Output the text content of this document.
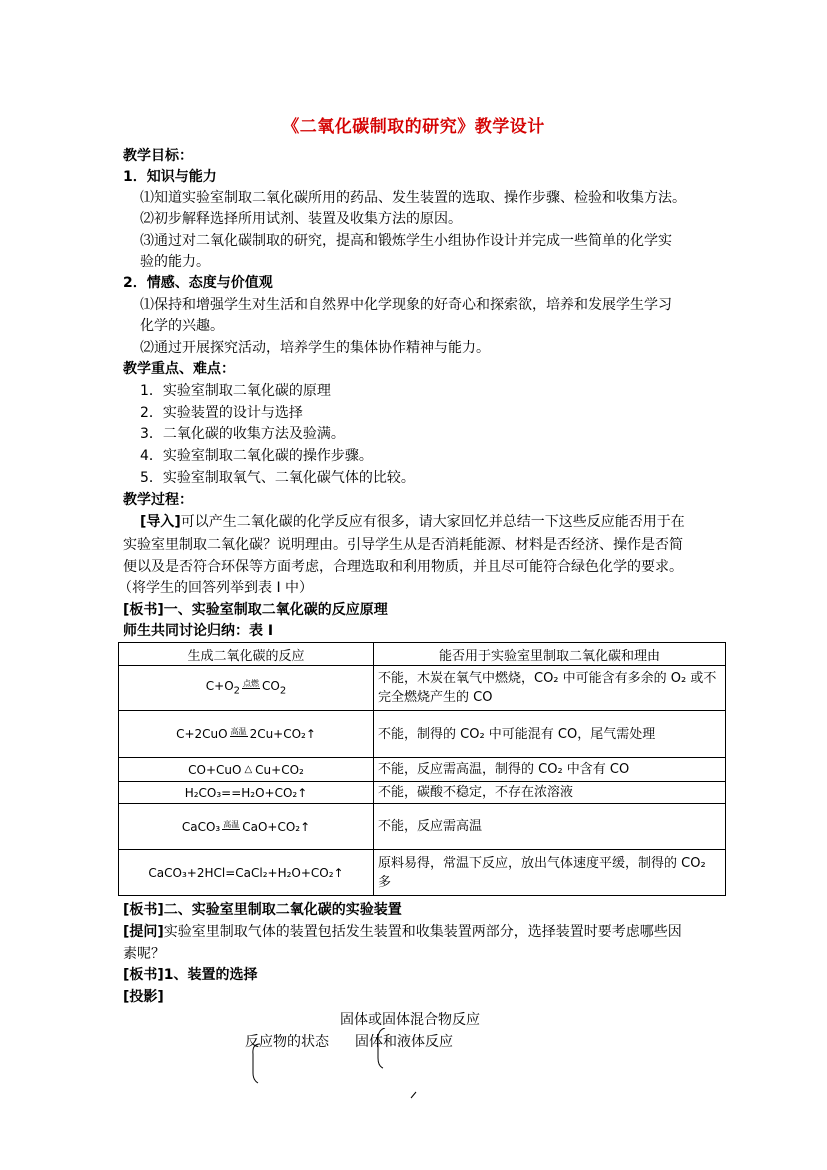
《二氧化碳制取的研究》教学设计
教学目标：
1．知识与能力
⑴知道实验室制取二氧化碳所用的药品、发生装置的选取、操作步骤、检验和收集方法。
⑵初步解释选择所用试剂、装置及收集方法的原因。
⑶通过对二氧化碳制取的研究，提高和锻炼学生小组协作设计并完成一些简单的化学实
验的能力。
2．情感、态度与价值观
⑴保持和增强学生对生活和自然界中化学现象的好奇心和探索欲，培养和发展学生学习
化学的兴趣。
⑵通过开展探究活动，培养学生的集体协作精神与能力。
教学重点、难点：
1．实验室制取二氧化碳的原理
2．实验装置的设计与选择
3．二氧化碳的收集方法及验满。
4．实验室制取二氧化碳的操作步骤。
5．实验室制取氧气、二氧化碳气体的比较。
教学过程：
[导入]可以产生二氧化碳的化学反应有很多，请大家回忆并总结一下这些反应能否用于在
实验室里制取二氧化碳？说明理由。引导学生从是否消耗能源、材料是否经济、操作是否简
便以及是否符合环保等方面考虑，合理选取和利用物质，并且尽可能符合绿色化学的要求。
（将学生的回答列举到表 I 中）
[板书]一、实验室制取二氧化碳的反应原理
师生共同讨论归纳：表 I
生成二氧化碳的反应	能否用于实验室里制取二氧化碳和理由
$C+O_2$
点燃 $CO_2$	不能，木炭在氧气中燃烧，CO₂ 中可能含有多余的 O₂ 或不完全燃烧产生的 CO
C+2CuO 高温 2Cu+CO₂↑	不能，制得的 CO₂ 中可能混有 CO，尾气需处理
CO+CuO △ Cu+CO₂	不能，反应需高温，制得的 CO₂ 中含有 CO
H₂CO₃==H₂O+CO₂↑	不能，碳酸不稳定，不存在浓溶液
CaCO₃ 高温 CaO+CO₂↑	不能，反应需高温
CaCO₃+2HCl=CaCl₂+H₂O+CO₂↑	原料易得，常温下反应，放出气体速度平缓，制得的 CO₂ 多
[板书]二、实验室里制取二氧化碳的实验装置
[提问]实验室里制取气体的装置包括发生装置和收集装置两部分，选择装置时要考虑哪些因
素呢？
[板书]1、装置的选择
[投影]
固体或固体混合物反应
反应物的状态 固体和液体反应
